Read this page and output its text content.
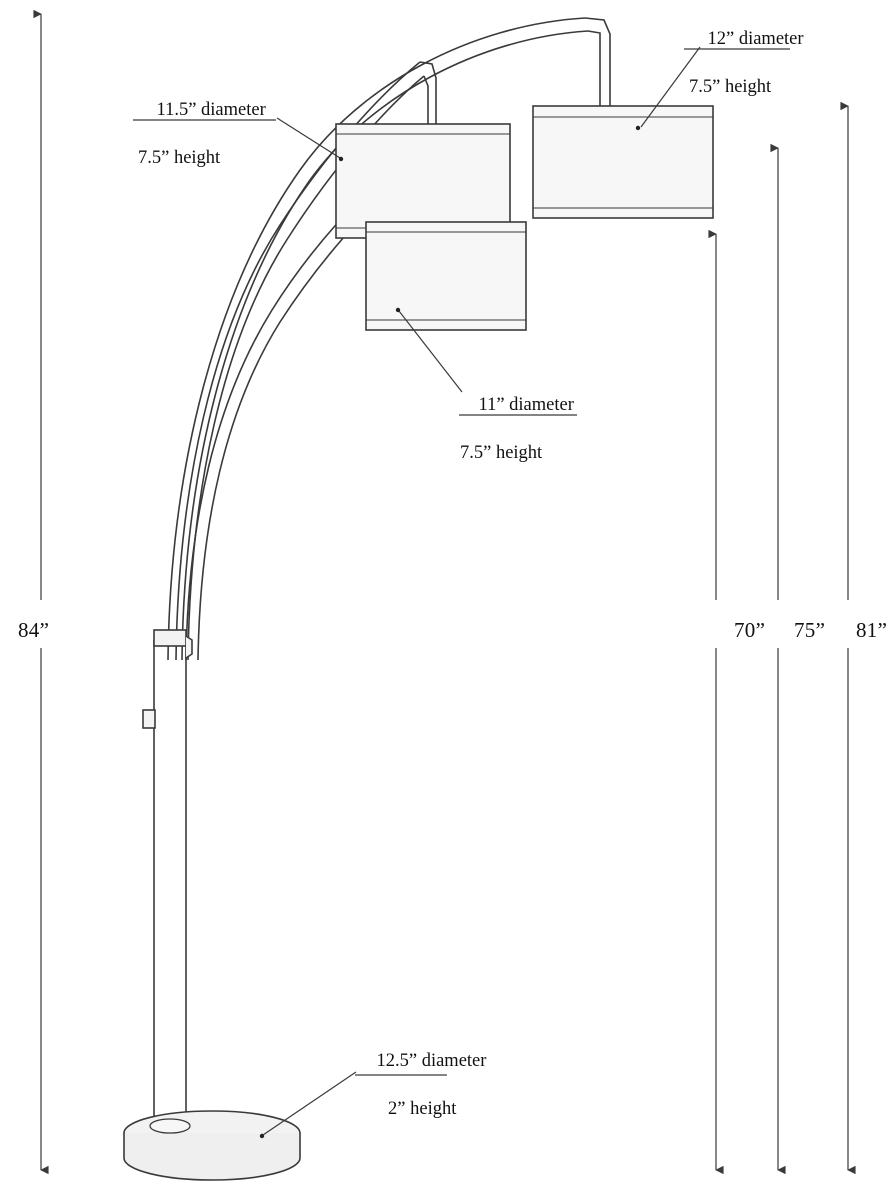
11.5” diameter

7.5” height

12” diameter

7.5” height

11” diameter

7.5” height

12.5” diameter

2” height

84”	70” 75” 81”
